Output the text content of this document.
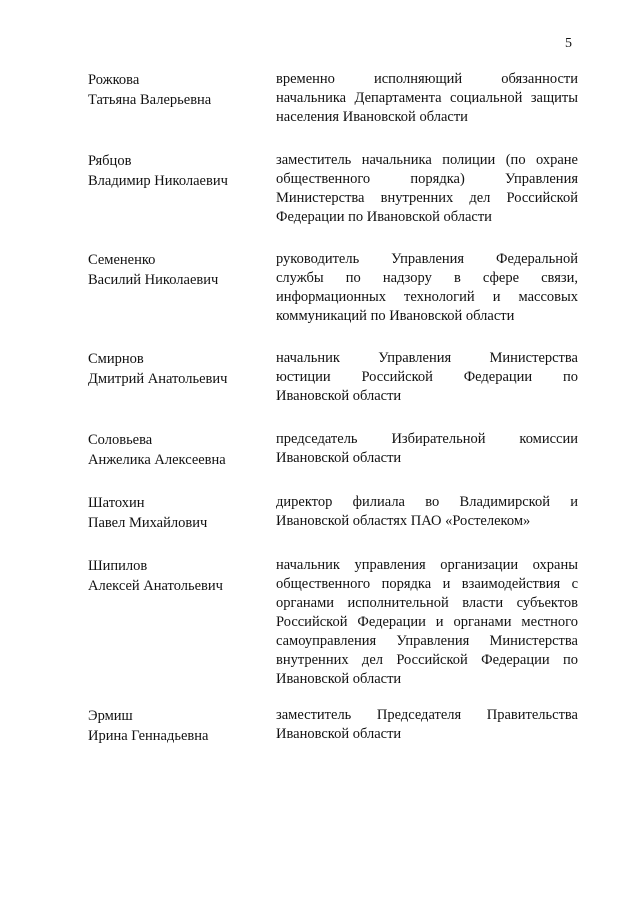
5
Рожкова
Татьяна Валерьевна
временно исполняющий обязанности
начальника Департамента социальной защиты
населения Ивановской области
Рябцов
Владимир Николаевич
заместитель начальника полиции (по охране
общественного порядка) Управления
Министерства внутренних дел Российской
Федерации по Ивановской области
Семененко
Василий Николаевич
руководитель Управления Федеральной
службы по надзору в сфере связи,
информационных технологий и массовых
коммуникаций по Ивановской области
Смирнов
Дмитрий Анатольевич
начальник Управления Министерства
юстиции Российской Федерации по
Ивановской области
Соловьева
Анжелика Алексеевна
председатель Избирательной комиссии
Ивановской области
Шатохин
Павел Михайлович
директор филиала во Владимирской и
Ивановской областях ПАО «Ростелеком»
Шипилов
Алексей Анатольевич
начальник управления организации охраны
общественного порядка и взаимодействия с
органами исполнительной власти субъектов
Российской Федерации и органами местного
самоуправления Управления Министерства
внутренних дел Российской Федерации по
Ивановской области
Эрмиш
Ирина Геннадьевна
заместитель Председателя Правительства
Ивановской области
